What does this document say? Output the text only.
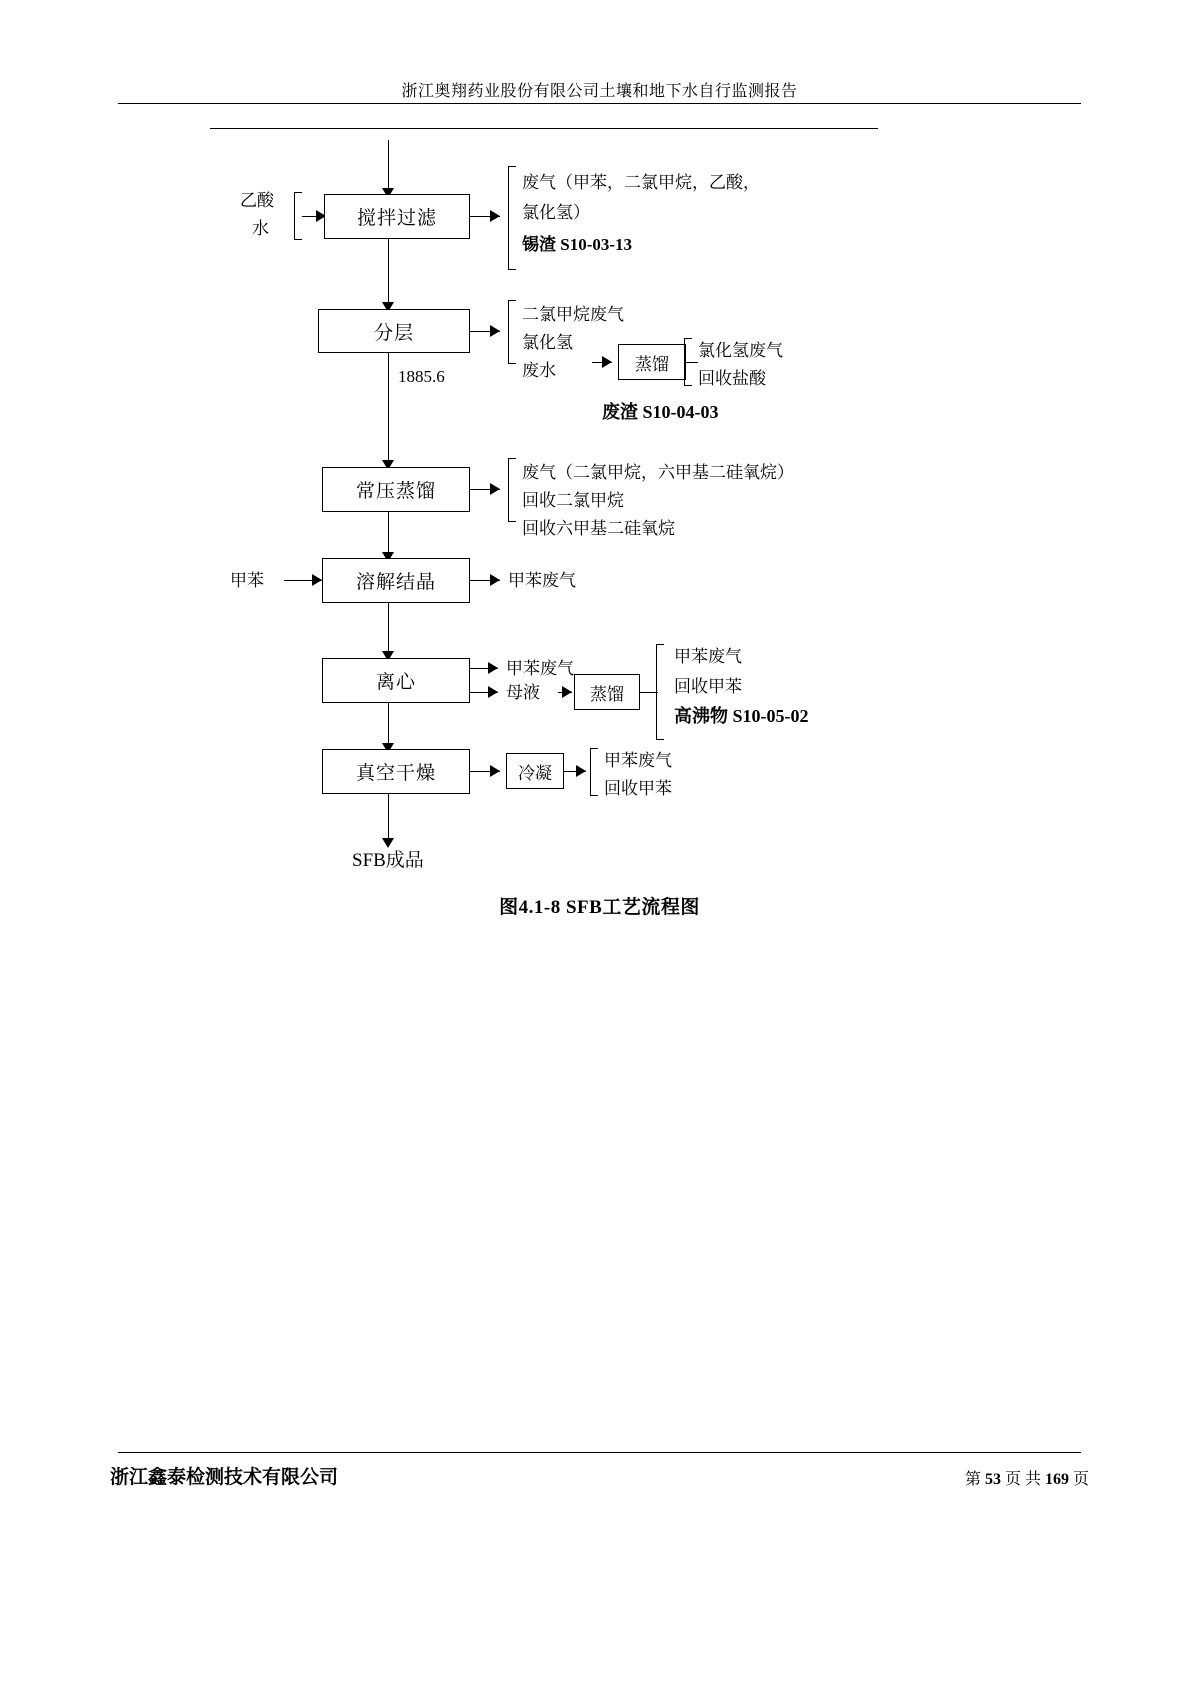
浙江奥翔药业股份有限公司土壤和地下水自行监测报告
乙酸
水	搅拌过滤
废气（甲苯，二氯甲烷，乙酸，
氯化氢）
锡渣 S10-03-13
分层
二氯甲烷废气
氯化氢
废水	蒸馏
氯化氢废气
回收盐酸
废渣 S10-04-03
1885.6
常压蒸馏
废气（二氯甲烷，六甲基二硅氧烷）
回收二氯甲烷
回收六甲基二硅氧烷
甲苯	溶解结晶	甲苯废气
离心
甲苯废气
母液	蒸馏
甲苯废气
回收甲苯
高沸物 S10-05-02
真空干燥	冷凝
甲苯废气
回收甲苯
SFB成品
图4.1-8 SFB工艺流程图
浙江鑫泰检测技术有限公司	第 53 页 共 169 页
